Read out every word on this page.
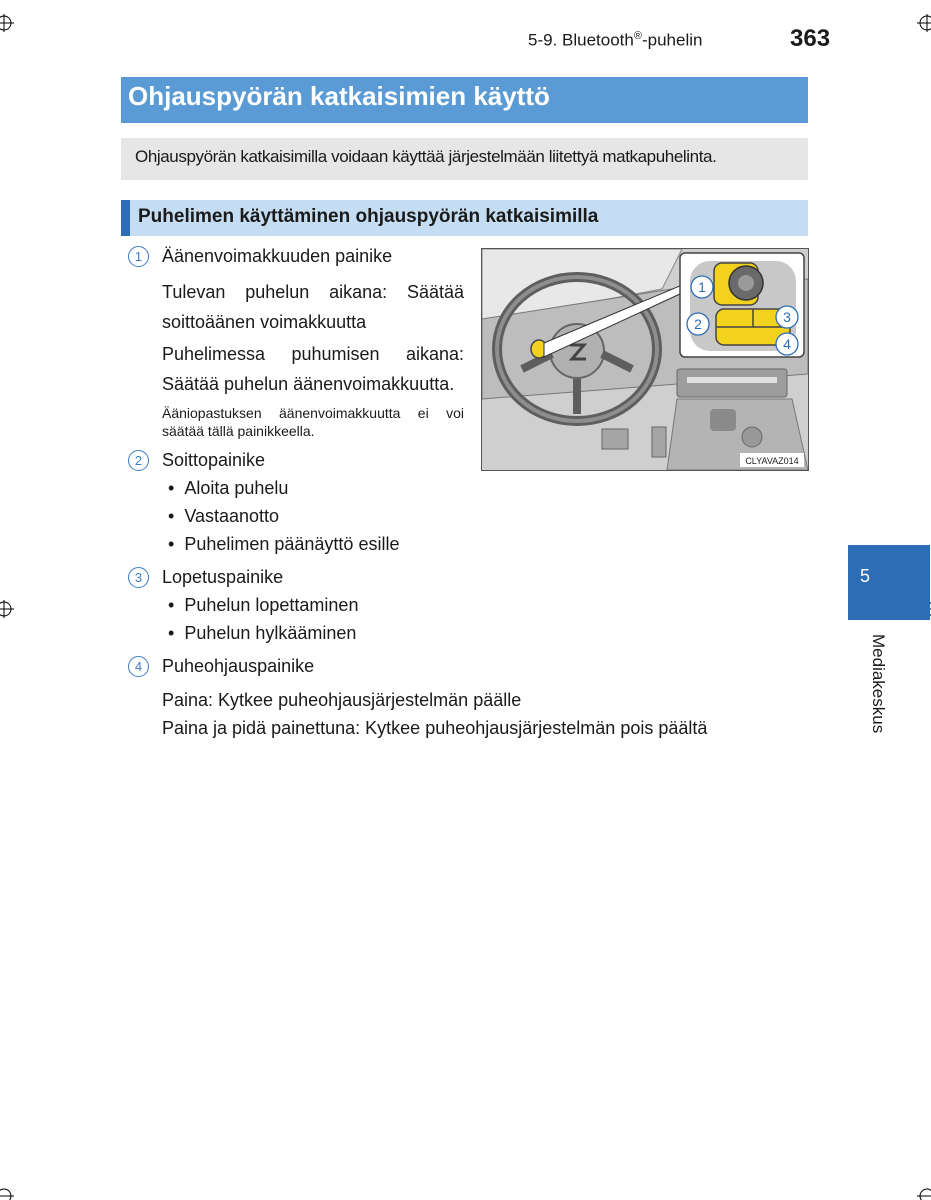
5-9. Bluetooth®-puhelin	363
Ohjauspyörän katkaisimien käyttö
Ohjauspyörän katkaisimilla voidaan käyttää järjestelmään liitettyä matkapuhelinta.
Puhelimen käyttäminen ohjauspyörän katkaisimilla
1	Äänenvoimakkuuden painike
Tulevan puhelun aikana: Säätää soittoäänen voimakkuutta
Puhelimessa puhumisen aikana: Säätää puhelun äänenvoimakkuutta.
Ääniopastuksen äänenvoimakkuutta ei voi säätää tällä painikkeella.
2	Soittopainike
• Aloita puhelu
• Vastaanotto
• Puhelimen päänäyttö esille
3	Lopetuspainike
• Puhelun lopettaminen
• Puhelun hylkääminen
4	Puheohjauspainike
Paina: Kytkee puheohjausjärjestelmän päälle
Paina ja pidä painettuna: Kytkee puheohjausjärjestelmän pois päältä
1
2	3
4
CLYAVAZ014
5
Mediakeskus
